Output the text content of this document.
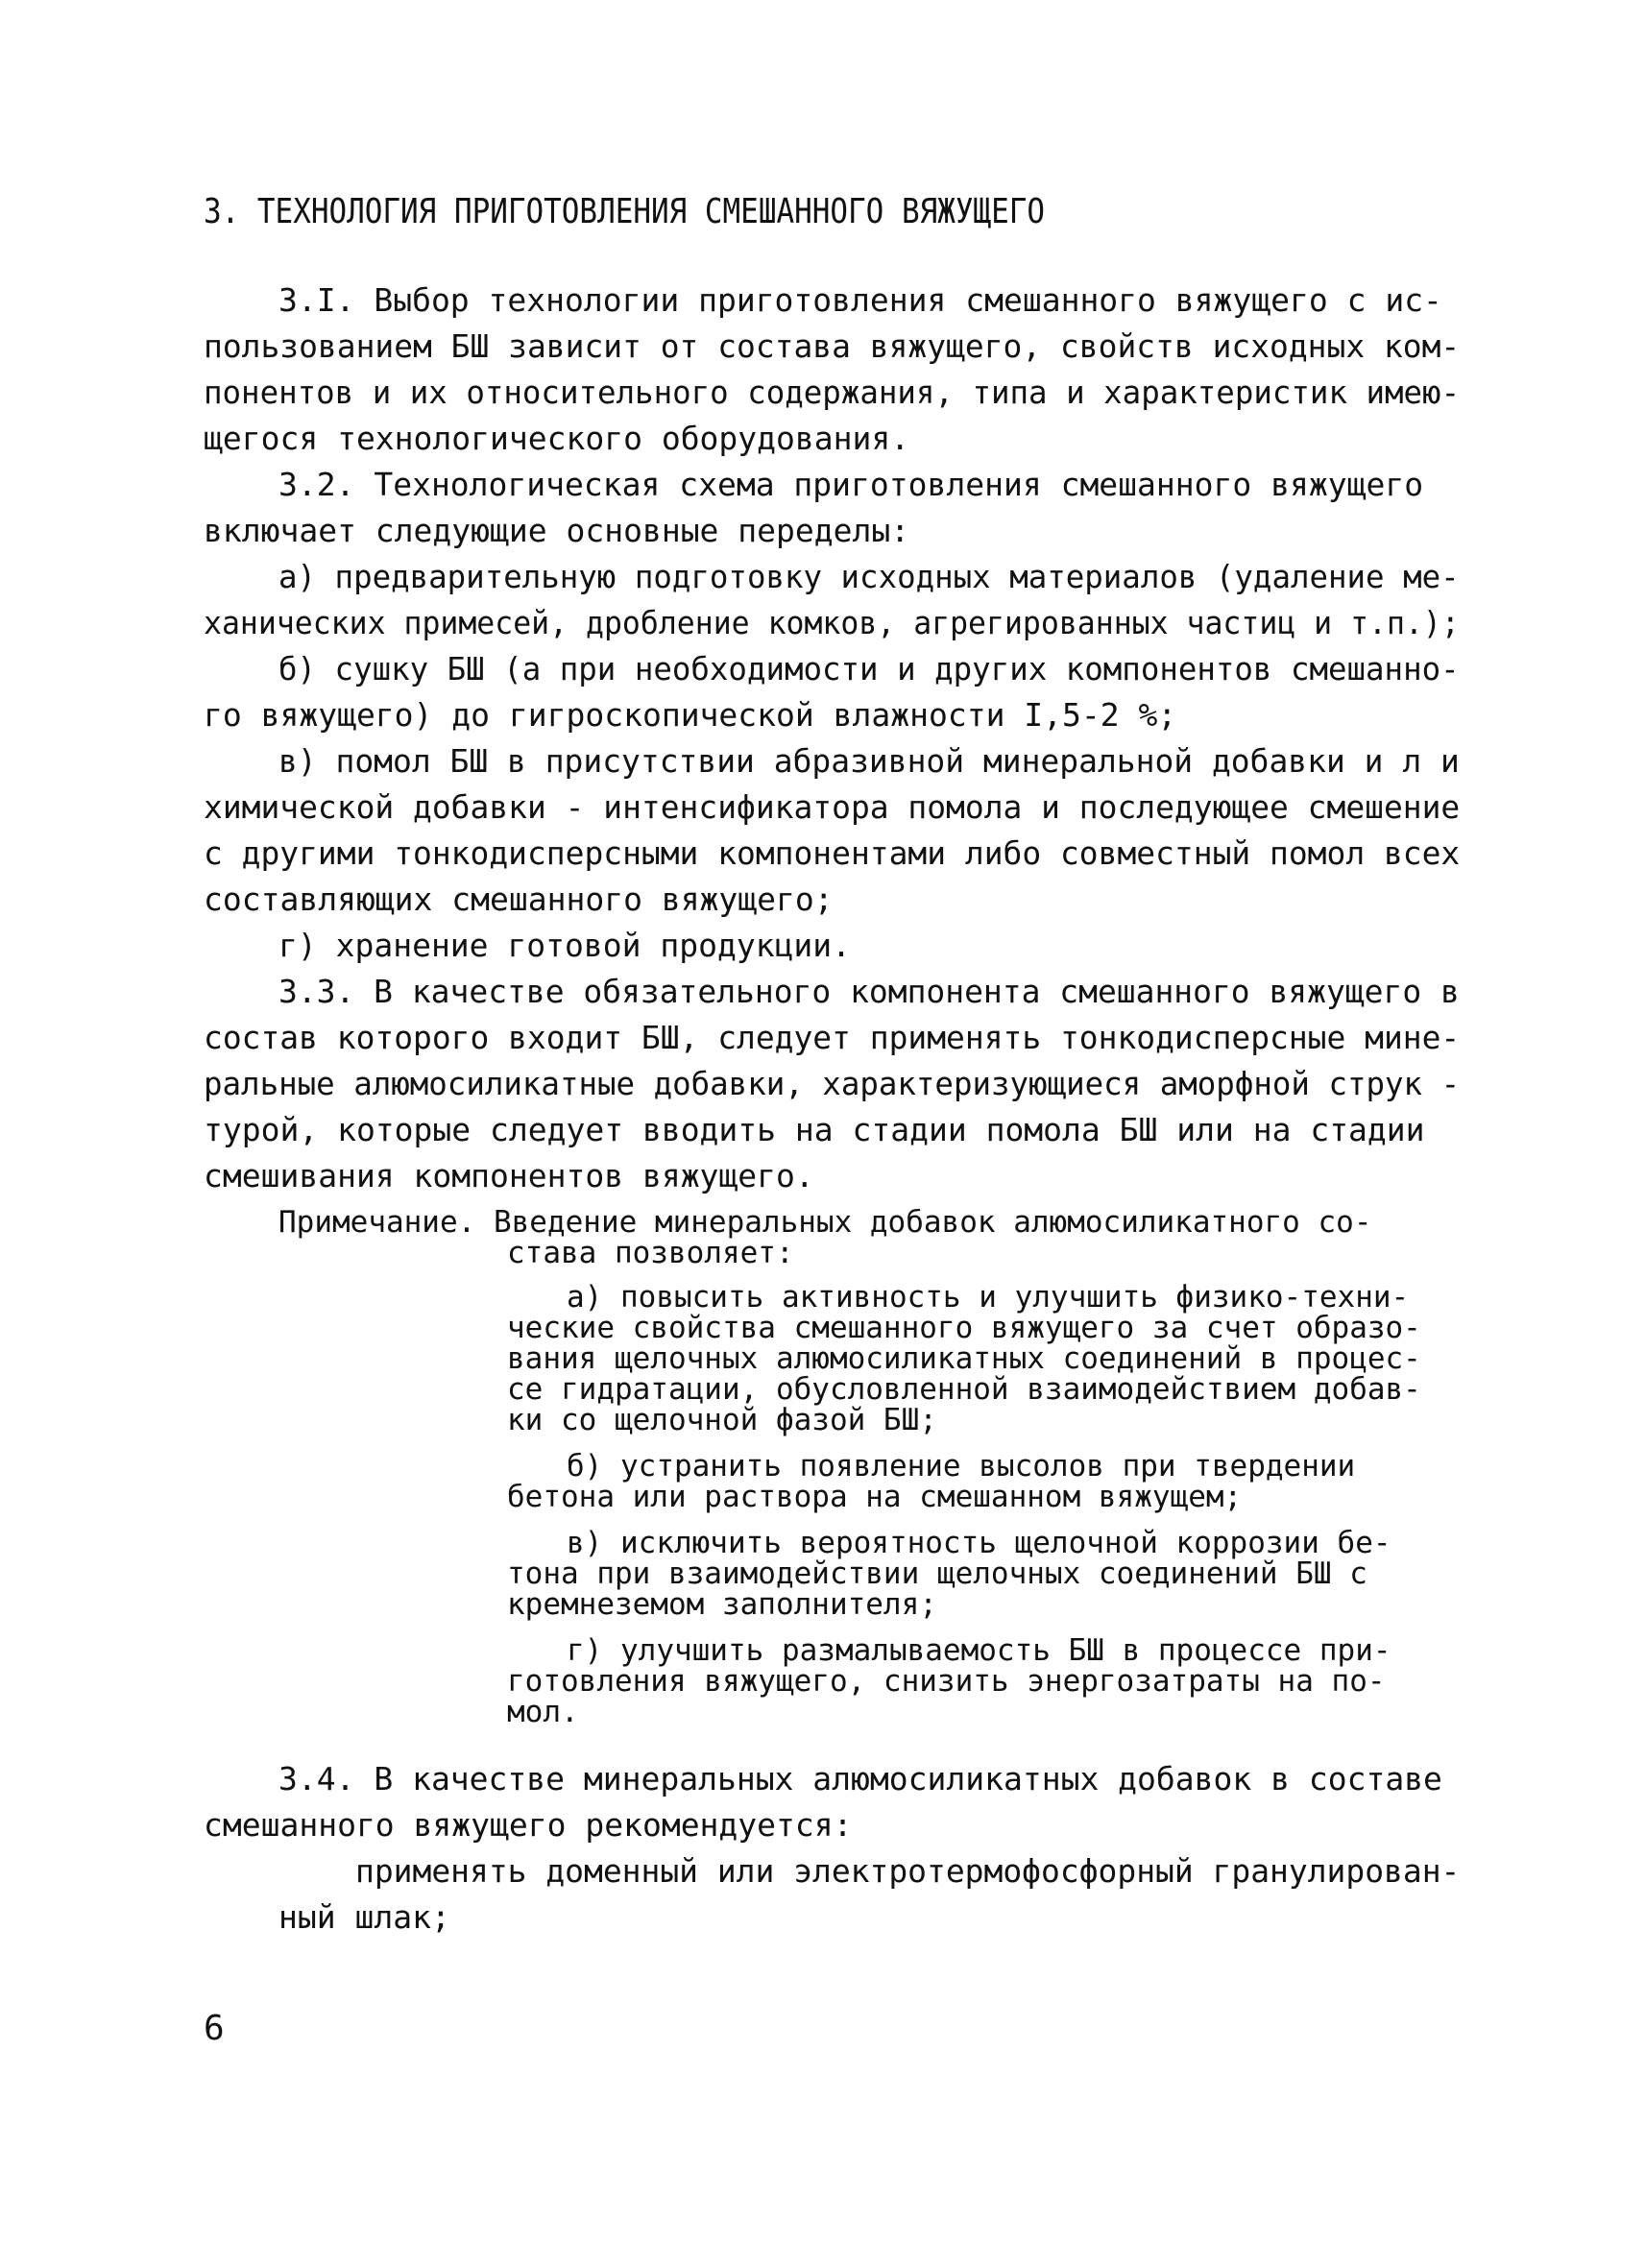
3. ТЕХНОЛОГИЯ ПРИГОТОВЛЕНИЯ СМЕШАННОГО ВЯЖУЩЕГО
3.I. Выбор технологии приготовления смешанного вяжущего с ис-
пользованием БШ зависит от состава вяжущего, свойств исходных ком-
понентов и их относительного содержания, типа и характеристик имею-
щегося технологического оборудования.
3.2. Технологическая схема приготовления смешанного вяжущего
включает следующие основные переделы:
а) предварительную подготовку исходных материалов (удаление ме-
ханических примесей, дробление комков, агрегированных частиц и т.п.);
б) сушку БШ (а при необходимости и других компонентов смешанно-
го вяжущего) до гигроскопической влажности I,5-2 %;
в) помол БШ в присутствии абразивной минеральной добавки и л и
химической добавки - интенсификатора помола и последующее смешение
с другими тонкодисперсными компонентами либо совместный помол всех
составляющих смешанного вяжущего;
г) хранение готовой продукции.
3.3. В качестве обязательного компонента смешанного вяжущего в
состав которого входит БШ, следует применять тонкодисперсные мине-
ральные алюмосиликатные добавки, характеризующиеся аморфной струк -
турой, которые следует вводить на стадии помола БШ или на стадии
смешивания компонентов вяжущего.
Примечание. Введение минеральных добавок алюмосиликатного со-
става позволяет:
а) повысить активность и улучшить физико-техни-
ческие свойства смешанного вяжущего за счет образо-
вания щелочных алюмосиликатных соединений в процес-
се гидратации, обусловленной взаимодействием добав-
ки со щелочной фазой БШ;
б) устранить появление высолов при твердении
бетона или раствора на смешанном вяжущем;
в) исключить вероятность щелочной коррозии бе-
тона при взаимодействии щелочных соединений БШ с
кремнеземом заполнителя;
г) улучшить размалываемость БШ в процессе при-
готовления вяжущего, снизить энергозатраты на по-
мол.
3.4. В качестве минеральных алюмосиликатных добавок в составе
смешанного вяжущего рекомендуется:
применять доменный или электротермофосфорный гранулирован-
ный шлак;
6
